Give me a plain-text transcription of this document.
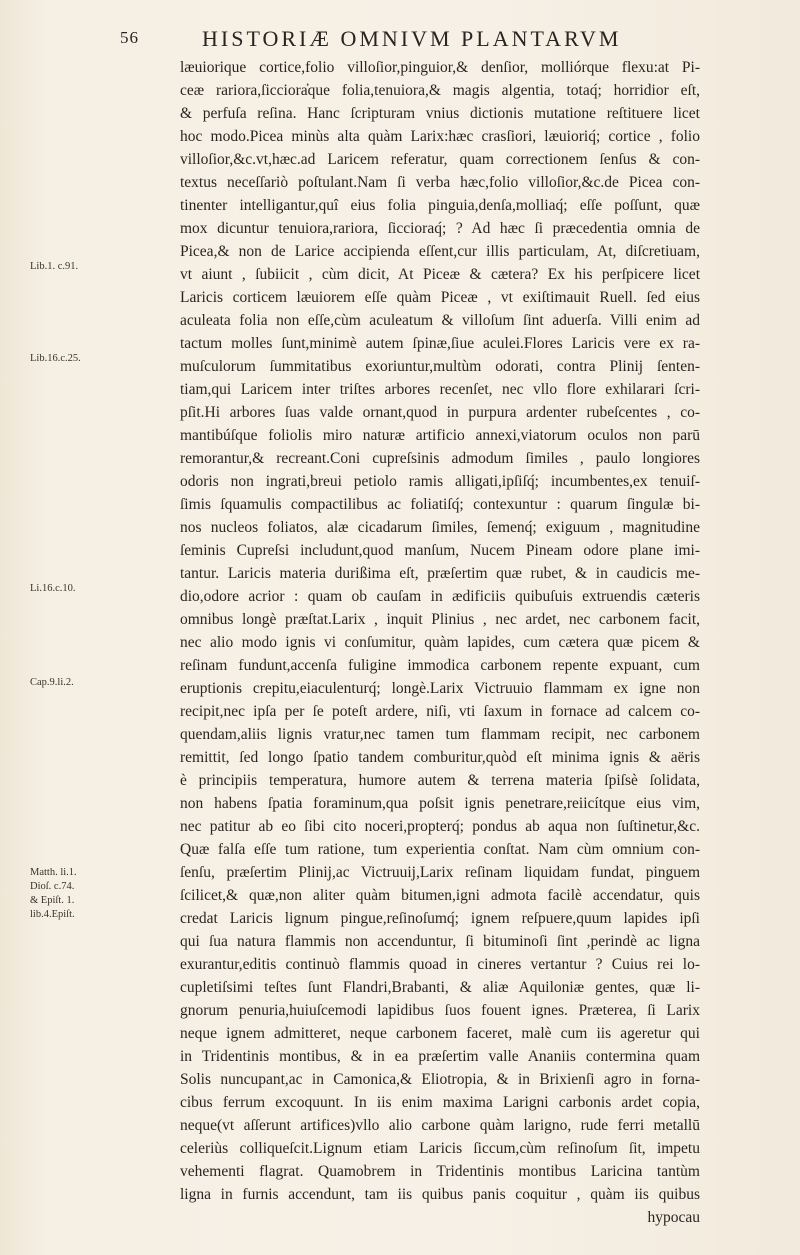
56	HISTORIÆ OMNIVM PLANTARVM
læuiorique cortice,folio villoſior,pinguior,& denſior, molliórque flexu:at Pi-
ceæ rariora,ſicciora̓que folia,tenuiora,& magis algentia, totaq́; horridior eſt,
& perfuſa reſina. Hanc ſcripturam vnius dictionis mutatione reſtituere licet
hoc modo.Picea minùs alta quàm Larix:hæc crasſiori, læuioriq́; cortice , folio
villoſior,&c.vt,hæc.ad Laricem referatur, quam correctionem ſenſus & con-
textus neceſſariò poſtulant.Nam ſi verba hæc,folio villoſior,&c.de Picea con-
tinenter intelligantur,quî eius folia pinguia,denſa,molliaq́; eſſe poſſunt, quæ
mox dicuntur tenuiora,rariora, ſiccioraq́; ? Ad hæc ſi præcedentia omnia de
Picea,& non de Larice accipienda eſſent,cur illis particulam, At, diſcretiuam,
vt aiunt , ſubiicit , cùm dicit, At Piceæ & cætera? Ex his perſpicere licet
Laricis corticem læuiorem eſſe quàm Piceæ , vt exiſtimauit Ruell. ſed eius
aculeata folia non eſſe,cùm aculeatum & villoſum ſint aduerſa. Villi enim ad
tactum molles ſunt,minimè autem ſpinæ,ſiue aculei.Flores Laricis vere ex ra-
muſculorum ſummitatibus exoriuntur,multùm odorati, contra Plinij ſenten-
tiam,qui Laricem inter triſtes arbores recenſet, nec vllo flore exhilarari ſcri-
pſit.Hi arbores ſuas valde ornant,quod in purpura ardenter rubeſcentes , co-
mantibúſque foliolis miro naturæ artificio annexi,viatorum oculos non parū
remorantur,& recreant.Coni cupreſsinis admodum ſimiles , paulo longiores
odoris non ingrati,breui petiolo ramis alligati,ipſiſq́; incumbentes,ex tenuiſ-
ſimis ſquamulis compactilibus ac foliatiſq́; contexuntur : quarum ſingulæ bi-
nos nucleos foliatos, alæ cicadarum ſimiles, ſemenq́; exiguum , magnitudine
ſeminis Cupreſsi includunt,quod manſum, Nucem Pineam odore plane imi-
tantur. Laricis materia durißima eſt, præſertim quæ rubet, & in caudicis me-
dio,odore acrior : quam ob cauſam in ædificiis quibuſuis extruendis cæteris
omnibus longè præſtat.Larix , inquit Plinius , nec ardet, nec carbonem facit,
nec alio modo ignis vi conſumitur, quàm lapides, cum cætera quæ picem &
reſinam fundunt,accenſa fuligine immodica carbonem repente expuant, cum
eruptionis crepitu,eiaculenturq́; longè.Larix Victruuio flammam ex igne non
recipit,nec ipſa per ſe poteſt ardere, niſi, vti ſaxum in fornace ad calcem co-
quendam,aliis lignis vratur,nec tamen tum flammam recipit, nec carbonem
remittit, ſed longo ſpatio tandem comburitur,quòd eſt minima ignis & aëris
è principiis temperatura, humore autem & terrena materia ſpiſsè ſolidata,
non habens ſpatia foraminum,qua poſsit ignis penetrare,reiicítque eius vim,
nec patitur ab eo ſibi cito noceri,propterq́; pondus ab aqua non ſuſtinetur,&c.
Quæ falſa eſſe tum ratione, tum experientia conſtat. Nam cùm omnium con-
ſenſu, præſertim Plinij,ac Victruuij,Larix reſinam liquidam fundat, pinguem
ſcilicet,& quæ,non aliter quàm bitumen,igni admota facilè accendatur, quis
credat Laricis lignum pingue,reſinoſumq́; ignem reſpuere,quum lapides ipſi
qui ſua natura flammis non accenduntur, ſi bituminoſi ſint ,perindè ac ligna
exurantur,editis continuò flammis quoad in cineres vertantur ? Cuius rei lo-
cupletiſsimi teſtes ſunt Flandri,Brabanti, & aliæ Aquiloniæ gentes, quæ li-
gnorum penuria,huiuſcemodi lapidibus ſuos fouent ignes. Præterea, ſi Larix
neque ignem admitteret, neque carbonem faceret, malè cum iis ageretur qui
in Tridentinis montibus, & in ea præſertim valle Ananiis contermina quam
Solis nuncupant,ac in Camonica,& Eliotropia, & in Brixienſi agro in forna-
cibus ferrum excoquunt. In iis enim maxima Larigni carbonis ardet copia,
neque(vt aſſerunt artifices)vllo alio carbone quàm larigno, rude ferri metallū
celeriùs colliqueſcit.Lignum etiam Laricis ſiccum,cùm reſinoſum ſit, impetu
vehementi flagrat. Quamobrem in Tridentinis montibus Laricina tantùm
ligna in furnis accendunt, tam iis quibus panis coquitur , quàm iis quibus
hypocau
Lib.1. c.91.
Lib.16.c.25.
Li.16.c.10.
Cap.9.li.2.
Matth. li.1.
Dioſ. c.74.
& Epiſt. 1.
lib.4.Epiſt.
